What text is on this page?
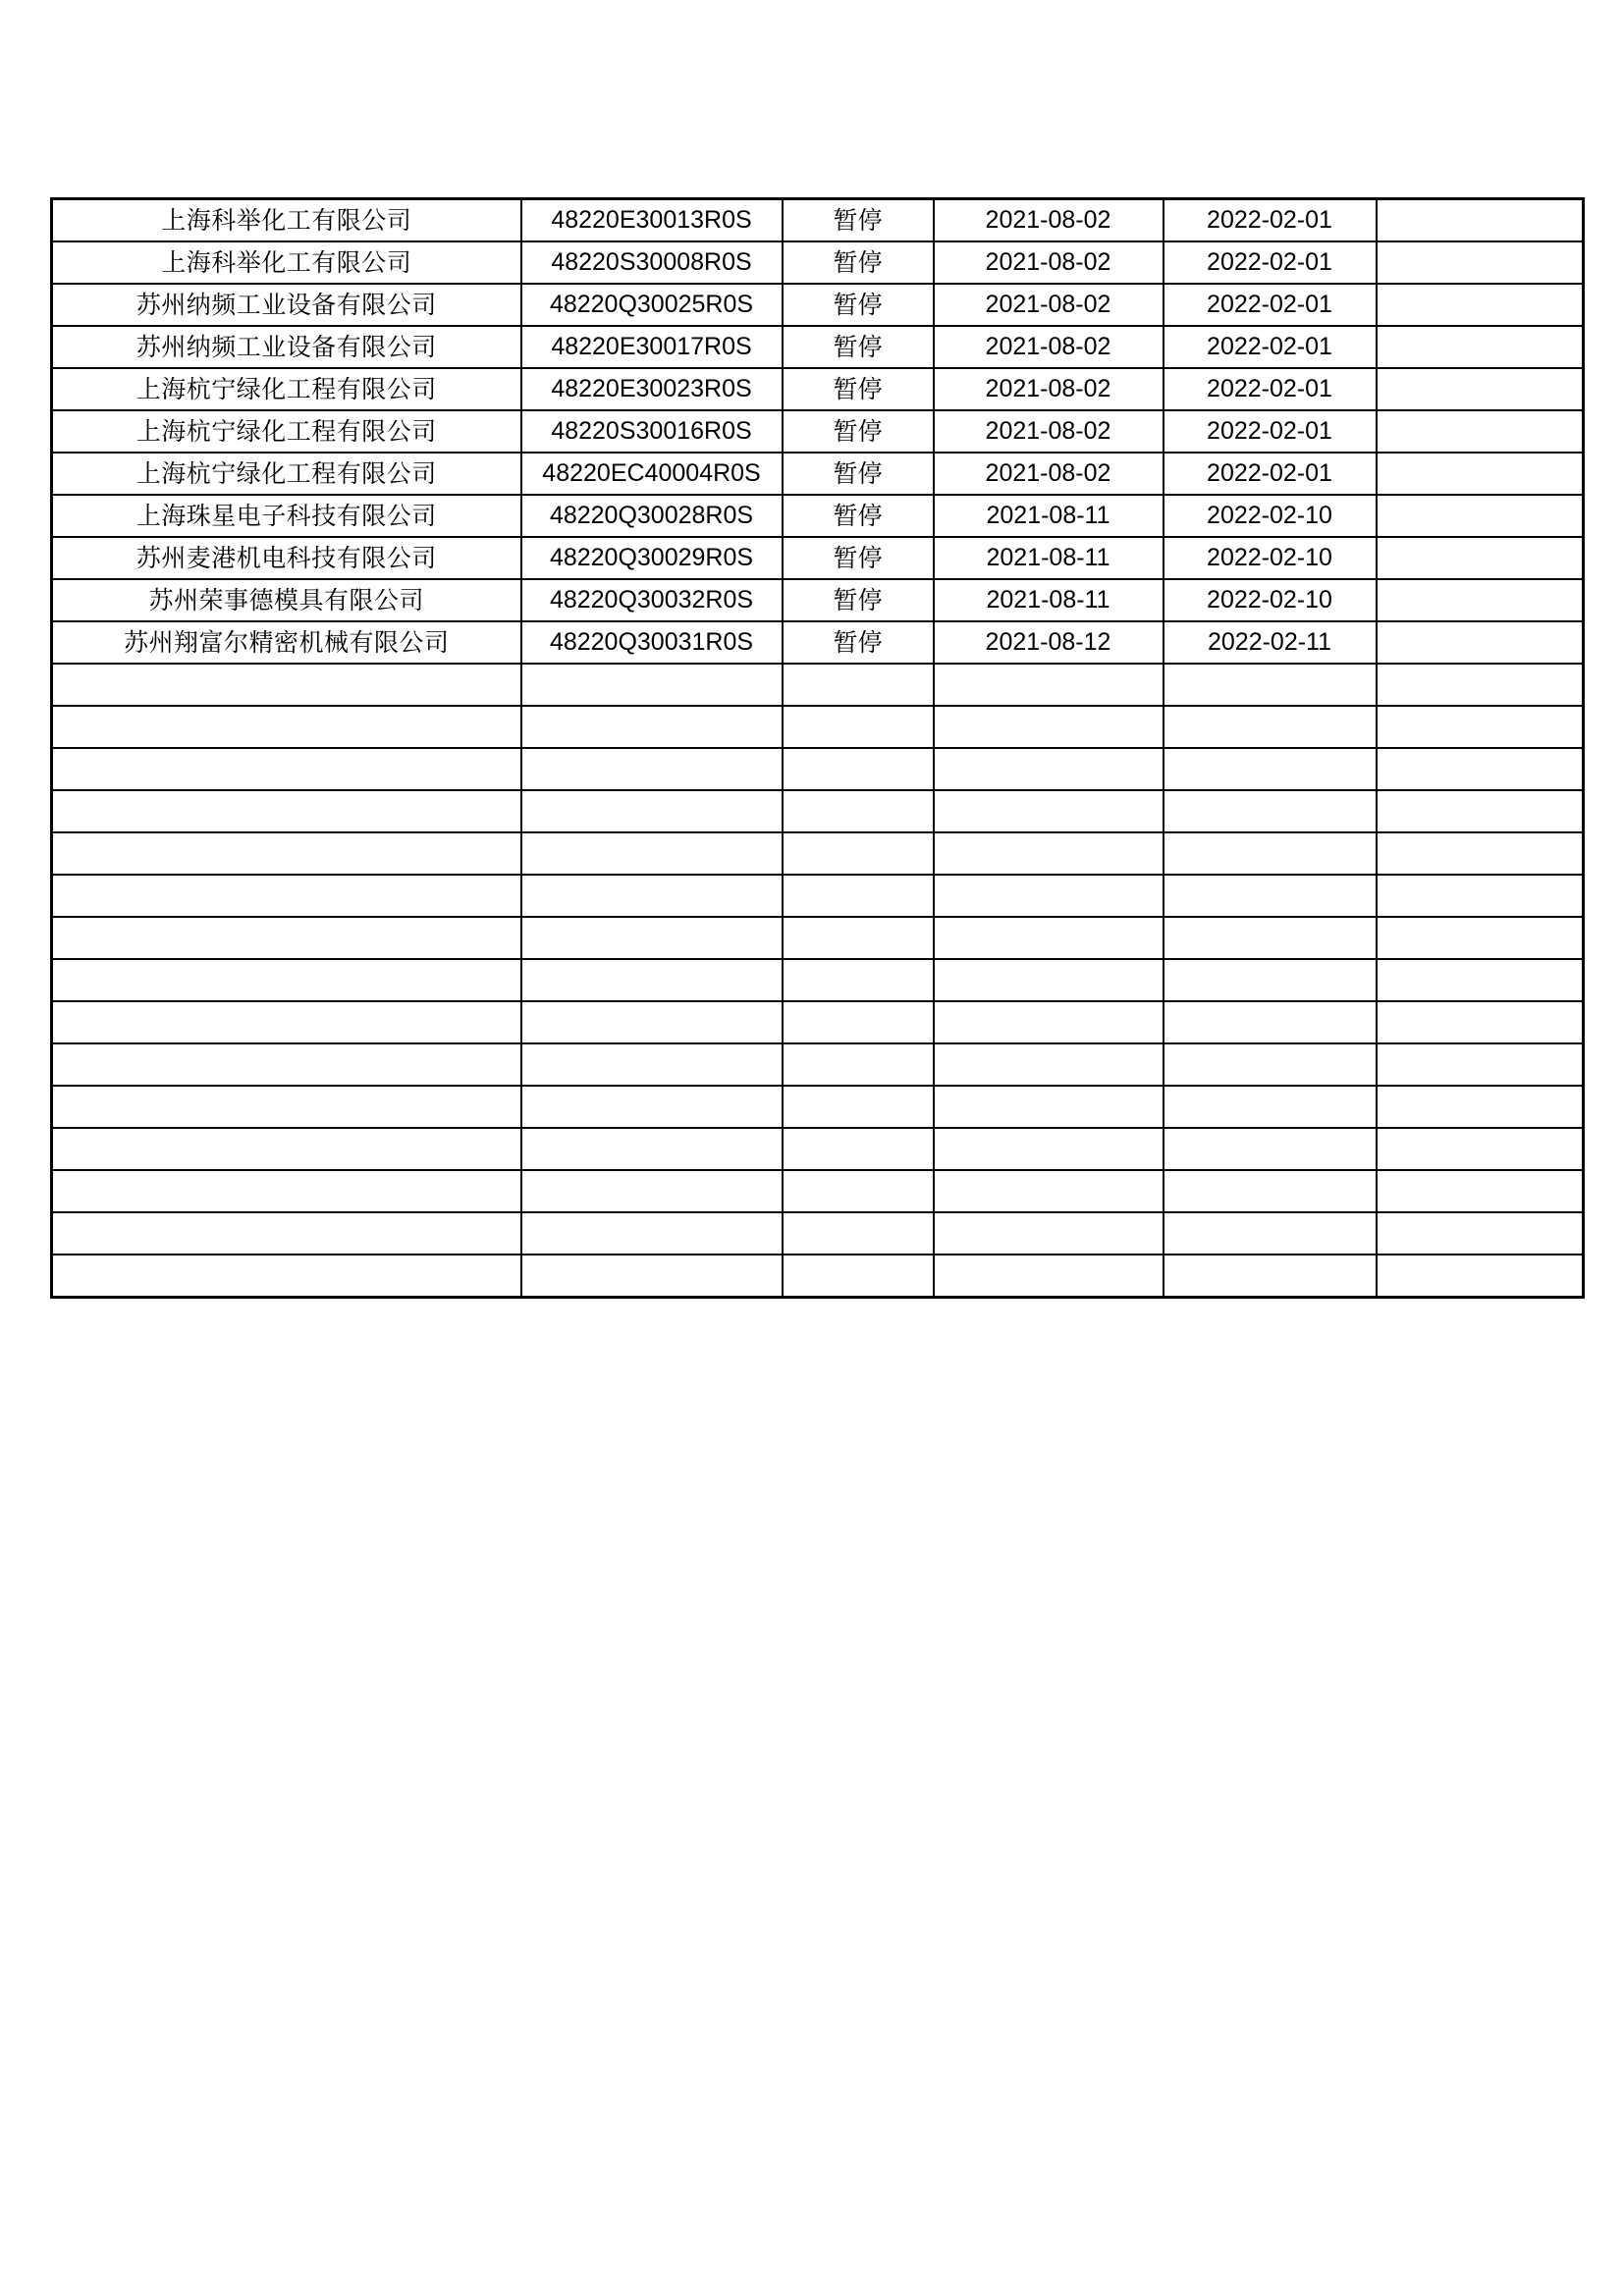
上海科举化工有限公司	48220E30013R0S	暂停	2021-08-02	2022-02-01	
上海科举化工有限公司	48220S30008R0S	暂停	2021-08-02	2022-02-01	
苏州纳频工业设备有限公司	48220Q30025R0S	暂停	2021-08-02	2022-02-01	
苏州纳频工业设备有限公司	48220E30017R0S	暂停	2021-08-02	2022-02-01	
上海杭宁绿化工程有限公司	48220E30023R0S	暂停	2021-08-02	2022-02-01	
上海杭宁绿化工程有限公司	48220S30016R0S	暂停	2021-08-02	2022-02-01	
上海杭宁绿化工程有限公司	48220EC40004R0S	暂停	2021-08-02	2022-02-01	
上海珠星电子科技有限公司	48220Q30028R0S	暂停	2021-08-11	2022-02-10	
苏州麦港机电科技有限公司	48220Q30029R0S	暂停	2021-08-11	2022-02-10	
苏州荣事德模具有限公司	48220Q30032R0S	暂停	2021-08-11	2022-02-10	
苏州翔富尔精密机械有限公司	48220Q30031R0S	暂停	2021-08-12	2022-02-11	
